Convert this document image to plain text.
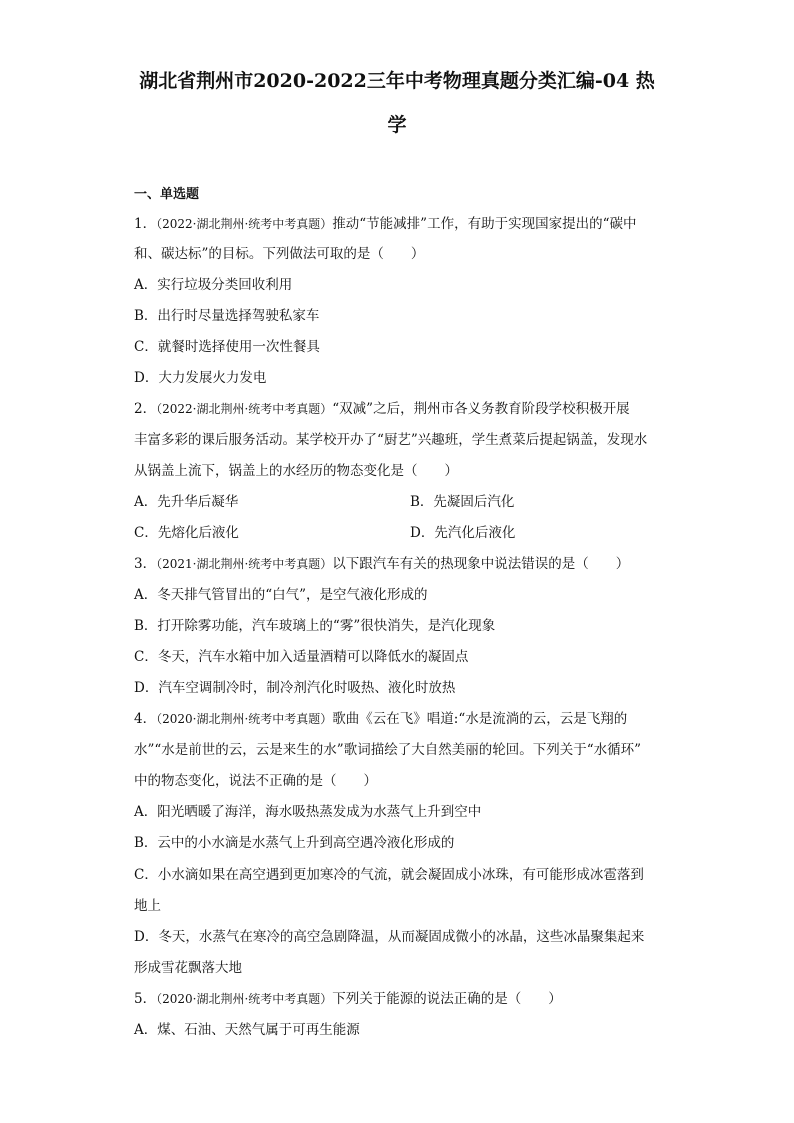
湖北省荆州市2020-2022三年中考物理真题分类汇编-04 热
学
一、单选题
1．（2022·湖北荆州·统考中考真题）推动“节能减排”工作，有助于实现国家提出的“碳中
和、碳达标”的目标。下列做法可取的是（　　）
A．实行垃圾分类回收利用
B．出行时尽量选择驾驶私家车
C．就餐时选择使用一次性餐具
D．大力发展火力发电
2．（2022·湖北荆州·统考中考真题）“双减”之后，荆州市各义务教育阶段学校积极开展
丰富多彩的课后服务活动。某学校开办了“厨艺”兴趣班，学生煮菜后提起锅盖，发现水
从锅盖上流下，锅盖上的水经历的物态变化是（　　）
A．先升华后凝华	B．先凝固后汽化
C．先熔化后液化	D．先汽化后液化
3．（2021·湖北荆州·统考中考真题）以下跟汽车有关的热现象中说法错误的是（　　）
A．冬天排气管冒出的“白气”，是空气液化形成的
B．打开除雾功能，汽车玻璃上的“雾”很快消失，是汽化现象
C．冬天，汽车水箱中加入适量酒精可以降低水的凝固点
D．汽车空调制冷时，制冷剂汽化时吸热、液化时放热
4．（2020·湖北荆州·统考中考真题）歌曲《云在飞》唱道:“水是流淌的云，云是飞翔的
水”“水是前世的云，云是来生的水”歌词描绘了大自然美丽的轮回。下列关于“水循环”
中的物态变化，说法不正确的是（　　）
A．阳光晒暖了海洋，海水吸热蒸发成为水蒸气上升到空中
B．云中的小水滴是水蒸气上升到高空遇冷液化形成的
C．小水滴如果在高空遇到更加寒冷的气流，就会凝固成小冰珠，有可能形成冰雹落到
地上
D．冬天，水蒸气在寒冷的高空急剧降温，从而凝固成微小的冰晶，这些冰晶聚集起来
形成雪花飘落大地
5．（2020·湖北荆州·统考中考真题）下列关于能源的说法正确的是（　　）
A．煤、石油、天然气属于可再生能源
